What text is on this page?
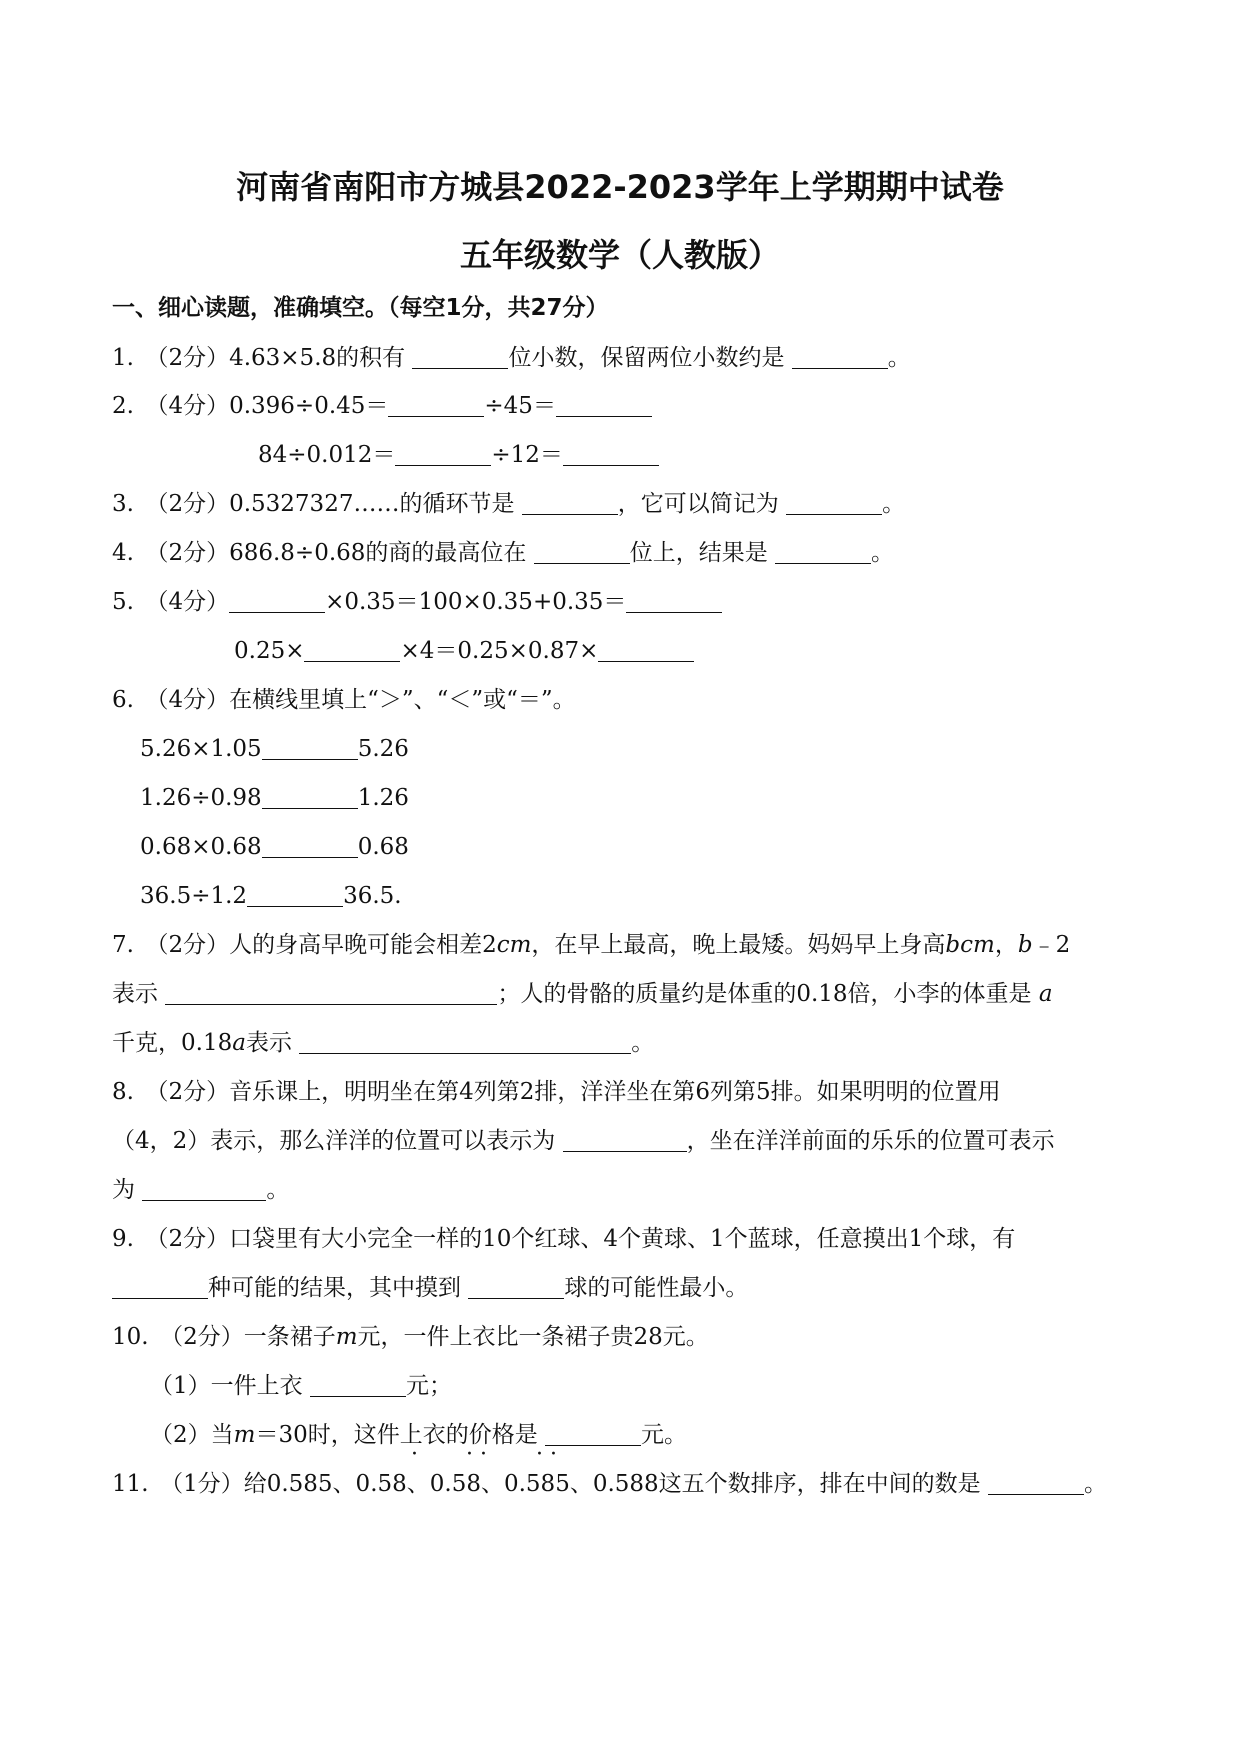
河南省南阳市方城县2022-2023学年上学期期中试卷
五年级数学（人教版）
一、细心读题，准确填空。（每空1分，共27分）
1.　（2分）4.63×5.8的积有	位小数，保留两位小数约是	。
2.　（4分）0.396÷0.45＝	÷45＝
84÷0.012＝	÷12＝
3.　（2分）0.5327327……的循环节是	，它可以简记为	。
4.　（2分）686.8÷0.68的商的最高位在	位上，结果是	。
5.　（4分）	×0.35＝100×0.35+0.35＝
0.25×	×4＝0.25×0.87×
6.　（4分）在横线里填上“＞”、“＜”或“＝”。
5.26×1.05	5.26
1.26÷0.98	1.26
0.68×0.68	0.68
36.5÷1.2	36.5.
7.　（2分）人的身高早晚可能会相差2cm，在早上最高，晚上最矮。妈妈早上身高bcm，b﹣2
表示	；人的骨骼的质量约是体重的0.18倍，小李的体重是 a
千克，0.18a表示	。
8.　（2分）音乐课上，明明坐在第4列第2排，洋洋坐在第6列第5排。如果明明的位置用
（4，2）表示，那么洋洋的位置可以表示为	，坐在洋洋前面的乐乐的位置可表示
为	。
9.　（2分）口袋里有大小完全一样的10个红球、4个黄球、1个蓝球，任意摸出1个球，有
种可能的结果，其中摸到	球的可能性最小。
10.　（2分）一条裙子m元，一件上衣比一条裙子贵28元。
（1）一件上衣	元；
（2）当m＝30时，这件上衣的价格是	元。
· · · · ·
11.　（1分）给0.585、0.58、0.58、0.585、0.588这五个数排序，排在中间的数是	。
